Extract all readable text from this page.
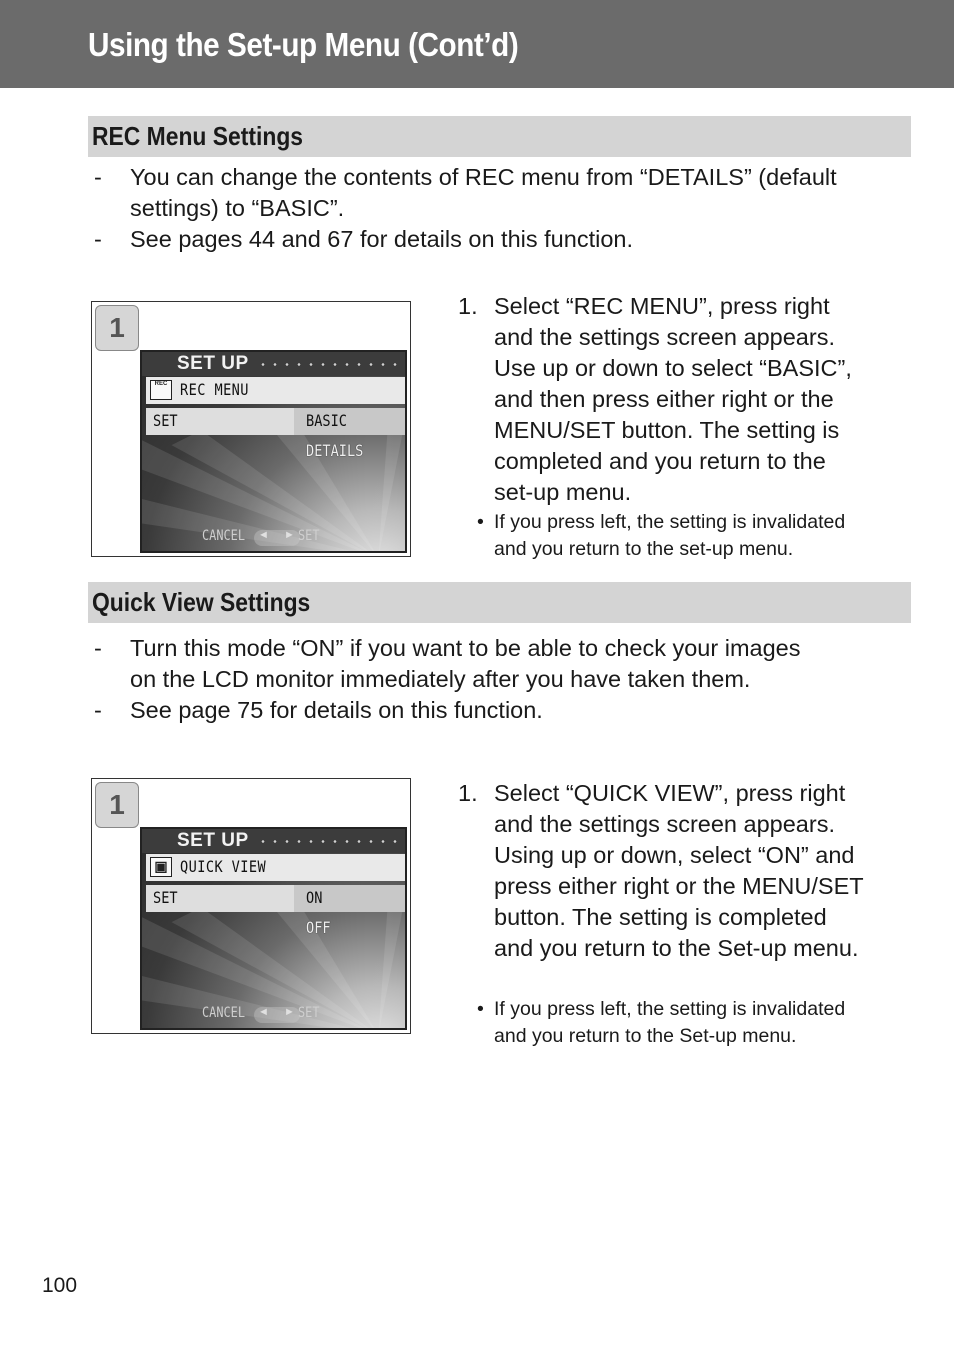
Using the Set-up Menu (Cont’d)
REC Menu Settings
- You can change the contents of REC menu from “DETAILS” (default
settings) to “BASIC”.
- See pages 44 and 67 for details on this function.
1
SET UP
REC REC MENU
SET	BASIC
DETAILS
CANCEL ◄ ► SET
1. Select “REC MENU”, press right
and the settings screen appears.
Use up or down to select “BASIC”,
and then press either right or the
MENU/SET button. The setting is
completed and you return to the
set-up menu.
• If you press left, the setting is invalidated
and you return to the set-up menu.
Quick View Settings
- Turn this mode “ON” if you want to be able to check your images
on the LCD monitor immediately after you have taken them.
- See page 75 for details on this function.
1
SET UP
▣ QUICK VIEW
SET	ON
OFF
CANCEL ◄ ► SET
1. Select “QUICK VIEW”, press right
and the settings screen appears.
Using up or down, select “ON” and
press either right or the MENU/SET
button. The setting is completed
and you return to the Set-up menu.
• If you press left, the setting is invalidated
and you return to the Set-up menu.
100
